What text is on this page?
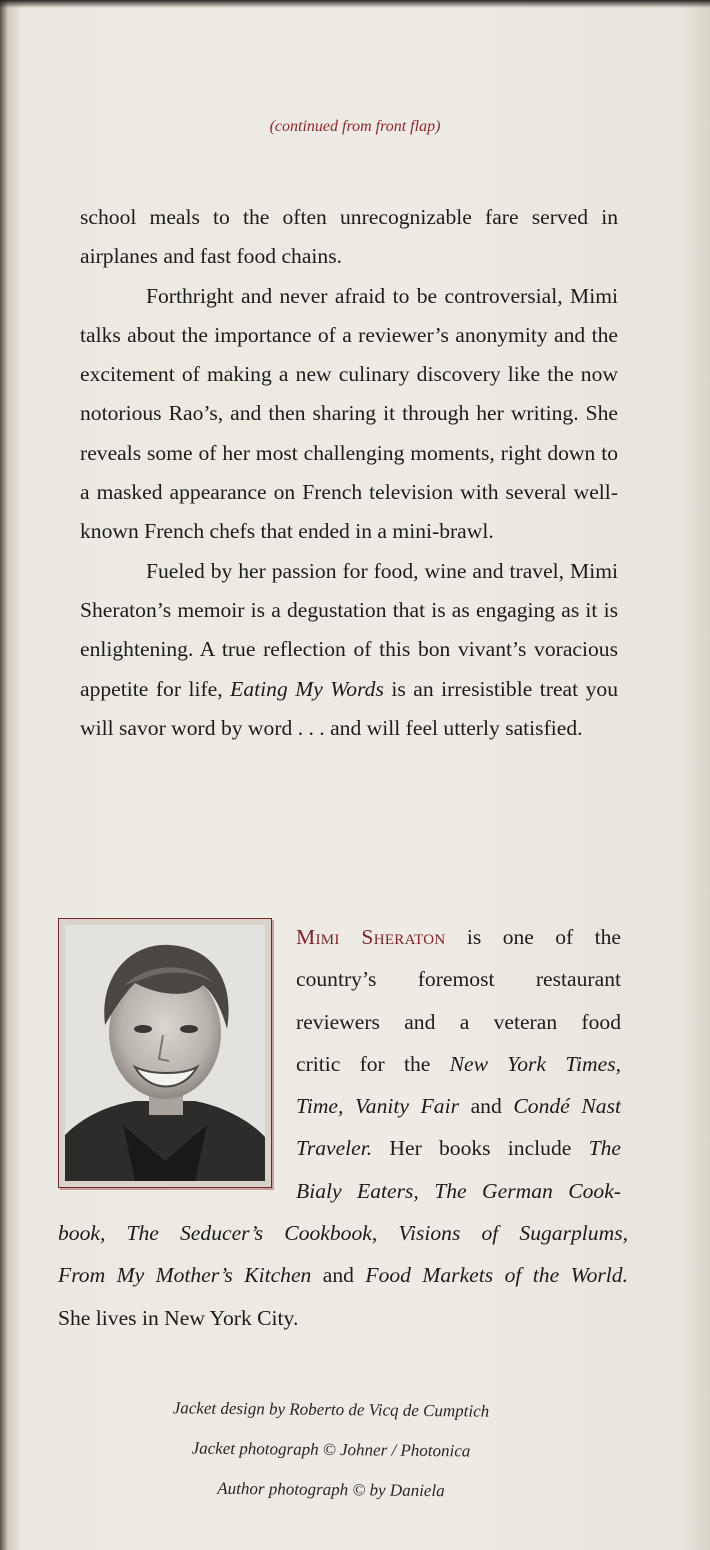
(continued from front flap)

school meals to the often unrecognizable fare served in airplanes and fast food chains.

Forthright and never afraid to be controversial, Mimi talks about the importance of a reviewer’s anonymity and the excitement of making a new culinary discovery like the now notorious Rao’s, and then sharing it through her writing. She reveals some of her most challenging moments, right down to a masked appearance on French television with several well-known French chefs that ended in a mini-brawl.

Fueled by her passion for food, wine and travel, Mimi Sheraton’s memoir is a degustation that is as engaging as it is enlightening. A true reflection of this bon vivant’s voracious appetite for life, Eating My Words is an irresistible treat you will savor word by word . . . and will feel utterly satisfied.

Mimi Sheraton is one of the
country’s foremost restaurant
reviewers and a veteran food
critic for the New York Times,
Time, Vanity Fair and Condé Nast
Traveler. Her books include The
Bialy Eaters, The German Cook-
book, The Seducer’s Cookbook, Visions of Sugarplums,
From My Mother’s Kitchen and Food Markets of the World.
She lives in New York City.
Jacket design by Roberto de Vicq de Cumptich
Jacket photograph © Johner / Photonica
Author photograph © by Daniela
